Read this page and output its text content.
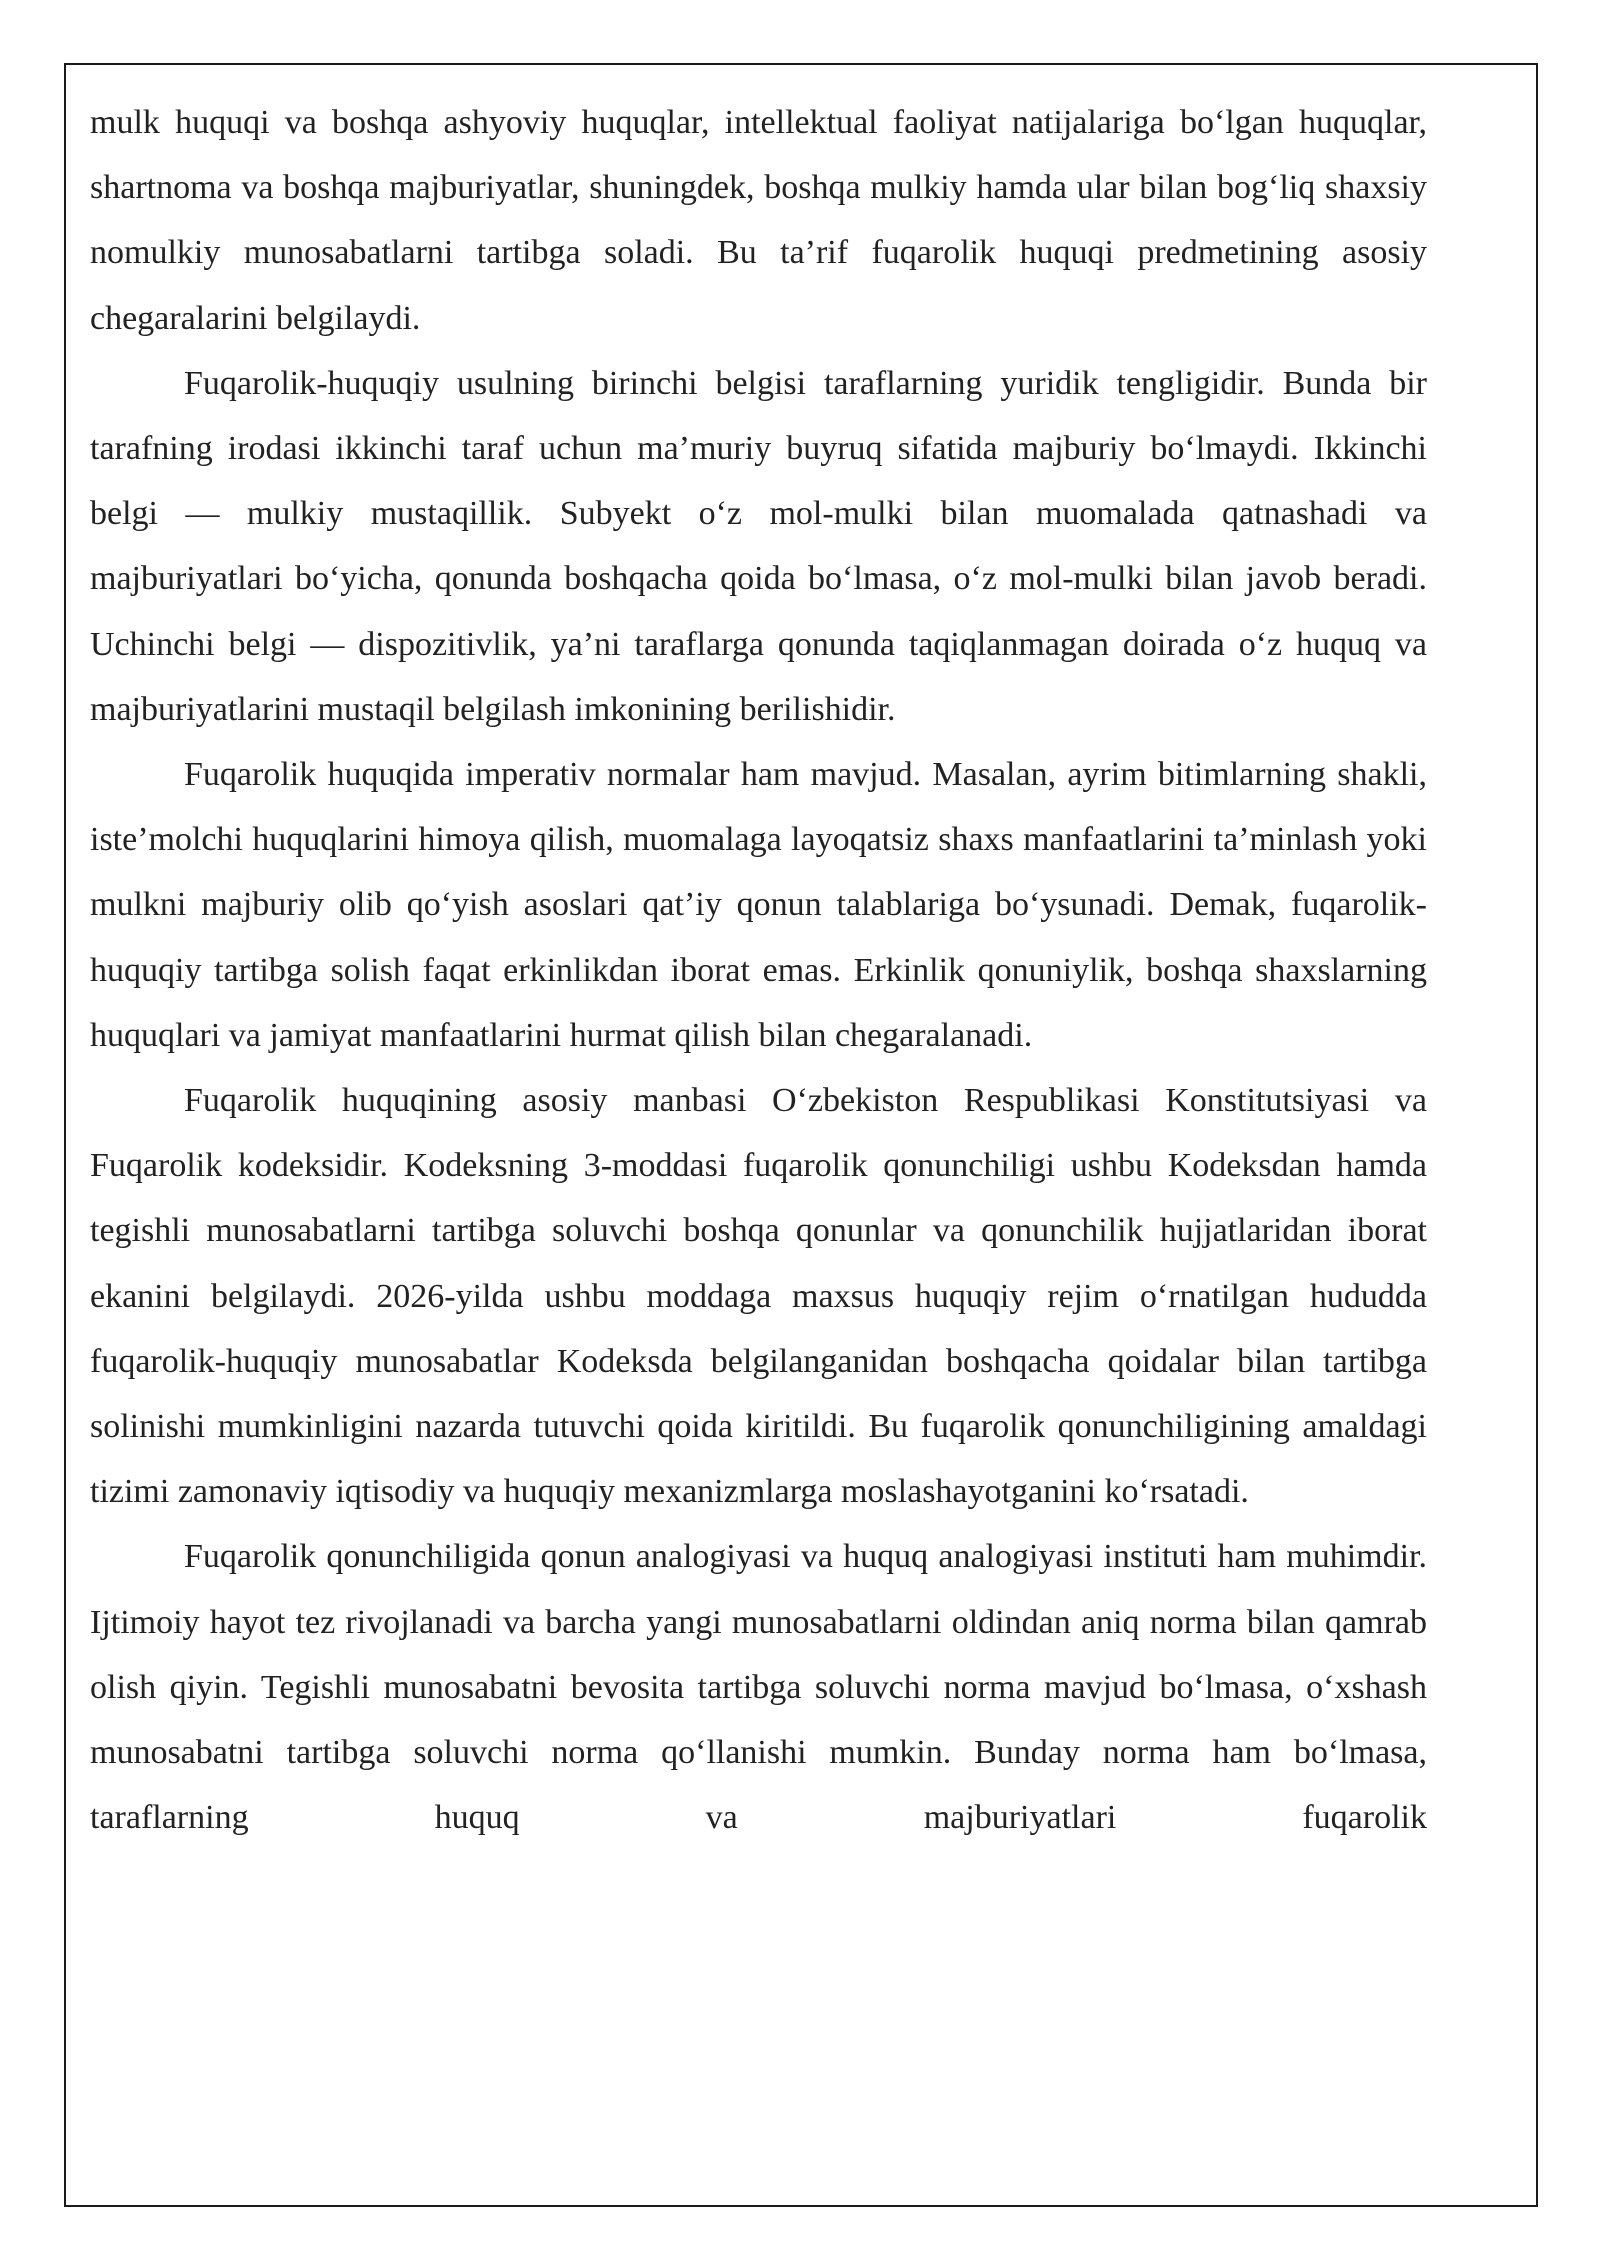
mulk huquqi va boshqa ashyoviy huquqlar, intellektual faoliyat natijalariga bo‘lgan huquqlar, shartnoma va boshqa majburiyatlar, shuningdek, boshqa mulkiy hamda ular bilan bog‘liq shaxsiy nomulkiy munosabatlarni tartibga soladi. Bu ta’rif fuqarolik huquqi predmetining asosiy chegaralarini belgilaydi.

Fuqarolik-huquqiy usulning birinchi belgisi taraflarning yuridik tengligidir. Bunda bir tarafning irodasi ikkinchi taraf uchun ma’muriy buyruq sifatida majburiy bo‘lmaydi. Ikkinchi belgi — mulkiy mustaqillik. Subyekt o‘z mol-mulki bilan muomalada qatnashadi va majburiyatlari bo‘yicha, qonunda boshqacha qoida bo‘lmasa, o‘z mol-mulki bilan javob beradi. Uchinchi belgi — dispozitivlik, ya’ni taraflarga qonunda taqiqlanmagan doirada o‘z huquq va majburiyatlarini mustaqil belgilash imkonining berilishidir.

Fuqarolik huquqida imperativ normalar ham mavjud. Masalan, ayrim bitimlarning shakli, iste’molchi huquqlarini himoya qilish, muomalaga layoqatsiz shaxs manfaatlarini ta’minlash yoki mulkni majburiy olib qo‘yish asoslari qat’iy qonun talablariga bo‘ysunadi. Demak, fuqarolik-huquqiy tartibga solish faqat erkinlikdan iborat emas. Erkinlik qonuniylik, boshqa shaxslarning huquqlari va jamiyat manfaatlarini hurmat qilish bilan chegaralanadi.

Fuqarolik huquqining asosiy manbasi O‘zbekiston Respublikasi Konstitutsiyasi va Fuqarolik kodeksidir. Kodeksning 3-moddasi fuqarolik qonunchiligi ushbu Kodeksdan hamda tegishli munosabatlarni tartibga soluvchi boshqa qonunlar va qonunchilik hujjatlaridan iborat ekanini belgilaydi. 2026-yilda ushbu moddaga maxsus huquqiy rejim o‘rnatilgan hududda fuqarolik-huquqiy munosabatlar Kodeksda belgilanganidan boshqacha qoidalar bilan tartibga solinishi mumkinligini nazarda tutuvchi qoida kiritildi. Bu fuqarolik qonunchiligining amaldagi tizimi zamonaviy iqtisodiy va huquqiy mexanizmlarga moslashayotganini ko‘rsatadi.

Fuqarolik qonunchiligida qonun analogiyasi va huquq analogiyasi instituti ham muhimdir. Ijtimoiy hayot tez rivojlanadi va barcha yangi munosabatlarni oldindan aniq norma bilan qamrab olish qiyin. Tegishli munosabatni bevosita tartibga soluvchi norma mavjud bo‘lmasa, o‘xshash munosabatni tartibga soluvchi norma qo‘llanishi mumkin. Bunday norma ham bo‘lmasa, taraflarning huquq va majburiyatlari fuqarolik
